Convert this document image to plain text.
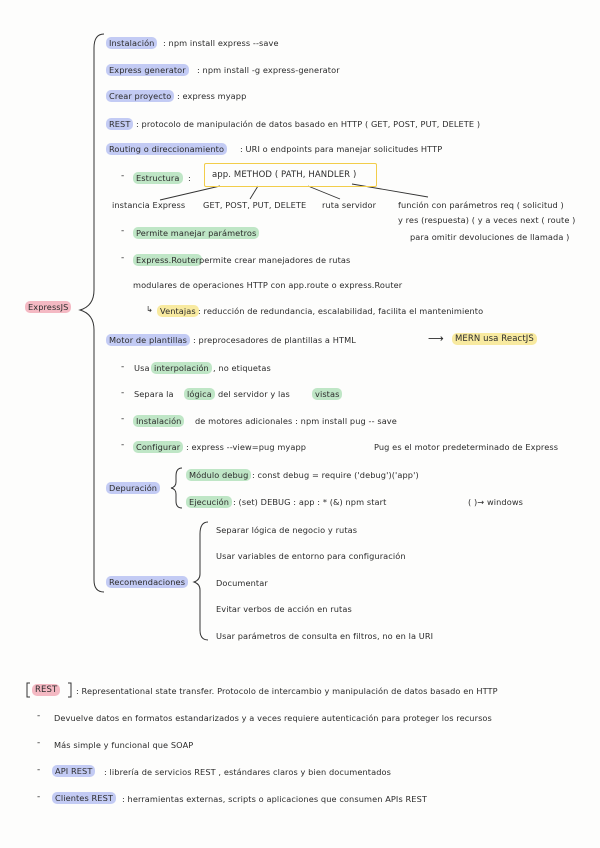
ExpressJS
Instalación	: npm install express --save
Express generator	: npm install -g express-generator
Crear proyecto : express myapp
REST : protocolo de manipulación de datos basado en HTTP ( GET, POST, PUT, DELETE )
Routing o direccionamiento	: URI o endpoints para manejar solicitudes HTTP
-	Estructura	: app. METHOD ( PATH, HANDLER )
instancia Express GET, POST, PUT, DELETE ruta servidor	función con parámetros req ( solicitud )
y res (respuesta) ( y a veces next ( route )
para omitir devoluciones de llamada )
-	Permite manejar parámetros
-	Express.Router permite crear manejadores de rutas
modulares de operaciones HTTP con app.route o express.Router
↳ Ventajas : reducción de redundancia, escalabilidad, facilita el mantenimiento
Motor de plantillas : preprocesadores de plantillas a HTML	⟶	MERN usa ReactJS
- Usa interpolación , no etiquetas
- Separa la	lógica del servidor y las	vistas
-	Instalación	de motores adicionales : npm install pug -- save
-	Configurar : express --view=pug myapp	Pug es el motor predeterminado de Express
Depuración
Módulo debug : const debug = require ('debug')('app')
Ejecución : (set) DEBUG : app : * (&) npm start	( )→ windows
Recomendaciones
Separar lógica de negocio y rutas
Usar variables de entorno para configuración
Documentar
Evitar verbos de acción en rutas
Usar parámetros de consulta en filtros, no en la URI
REST	: Representational state transfer. Protocolo de intercambio y manipulación de datos basado en HTTP
- Devuelve datos en formatos estandarizados y a veces requiere autenticación para proteger los recursos
- Más simple y funcional que SOAP
-	API REST	: librería de servicios REST , estándares claros y bien documentados
-	Clientes REST	: herramientas externas, scripts o aplicaciones que consumen APIs REST
